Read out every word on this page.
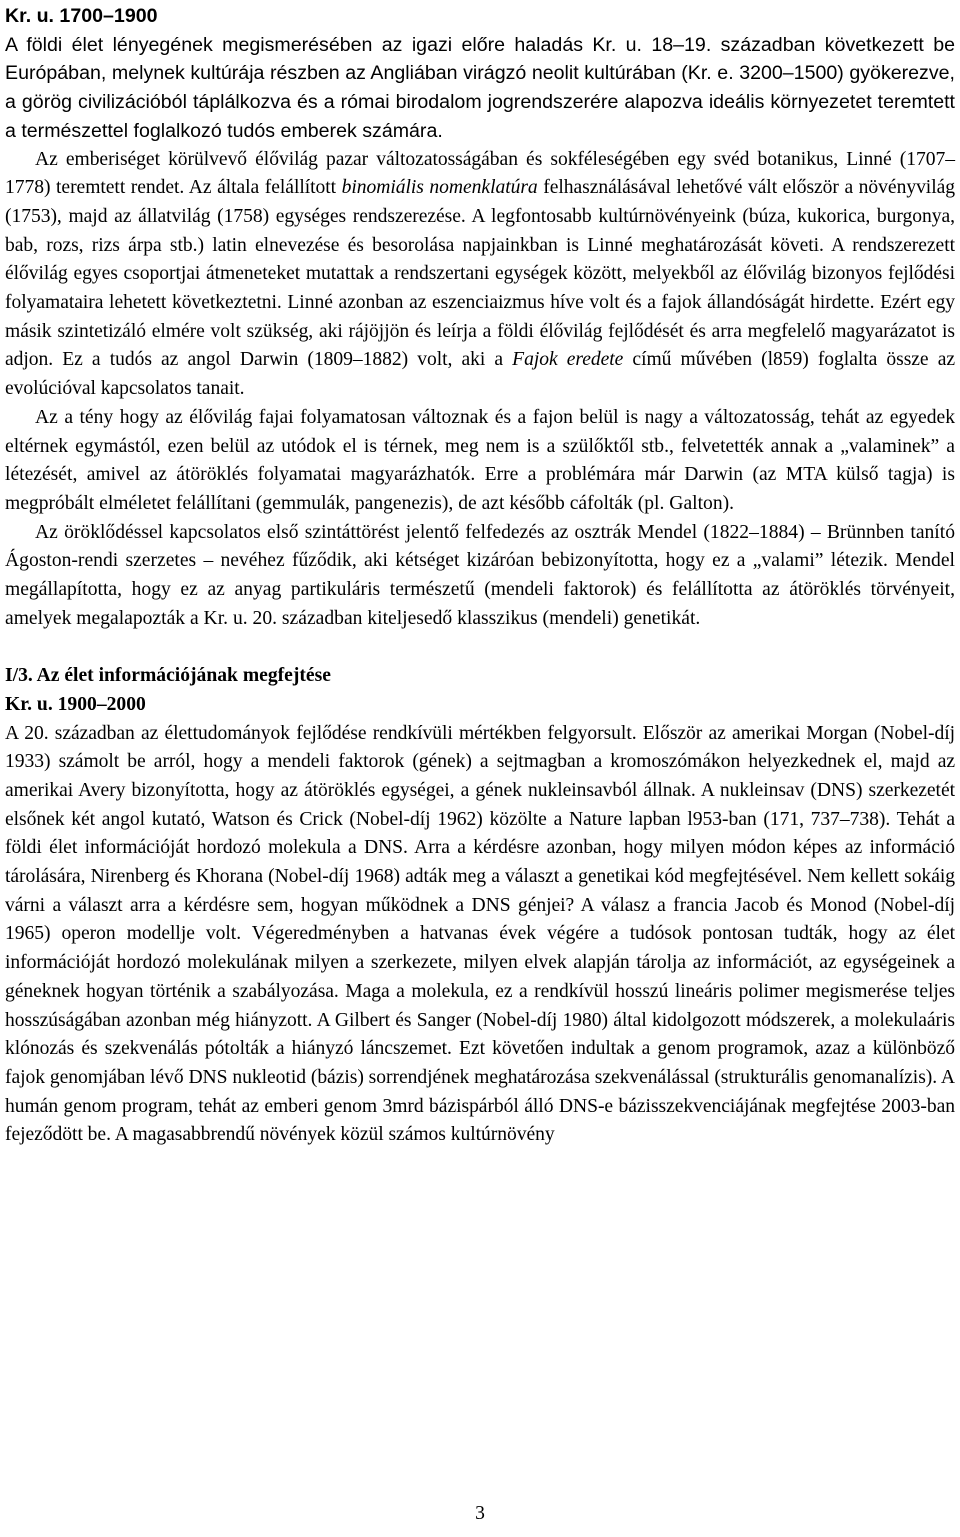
Kr. u. 1700–1900

A földi élet lényegének megismerésében az igazi előre haladás Kr. u. 18–19. században következett be Európában, melynek kultúrája részben az Angliában virágzó neolit kultúrában (Kr. e. 3200–1500) gyökerezve, a görög civilizációból táplálkozva és a római birodalom jogrendszerére alapozva ideális környezetet teremtett a természettel foglalkozó tudós emberek számára.

Az emberiséget körülvevő élővilág pazar változatosságában és sokféleségében egy svéd botanikus, Linné (1707–1778) teremtett rendet. Az általa felállított binomiális nomenklatúra felhasználásával lehetővé vált először a növényvilág (1753), majd az állatvilág (1758) egységes rendszerezése. A legfontosabb kultúrnövényeink (búza, kukorica, burgonya, bab, rozs, rizs árpa stb.) latin elnevezése és besorolása napjainkban is Linné meghatározását követi. A rendszerezett élővilág egyes csoportjai átmeneteket mutattak a rendszertani egységek között, melyekből az élővilág bizonyos fejlődési folyamataira lehetett következtetni. Linné azonban az eszenciaizmus híve volt és a fajok állandóságát hirdette. Ezért egy másik szintetizáló elmére volt szükség, aki rájöjjön és leírja a földi élővilág fejlődését és arra megfelelő magyarázatot is adjon. Ez a tudós az angol Darwin (1809–1882) volt, aki a Fajok eredete című művében (l859) foglalta össze az evolúcióval kapcsolatos tanait.

Az a tény hogy az élővilág fajai folyamatosan változnak és a fajon belül is nagy a változatosság, tehát az egyedek eltérnek egymástól, ezen belül az utódok el is térnek, meg nem is a szülőktől stb., felvetették annak a „valaminek” a létezését, amivel az átöröklés folyamatai magyarázhatók. Erre a problémára már Darwin (az MTA külső tagja) is megpróbált elméletet felállítani (gemmulák, pangenezis), de azt később cáfolták (pl. Galton).

Az öröklődéssel kapcsolatos első szintáttörést jelentő felfedezés az osztrák Mendel (1822–1884) – Brünnben tanító Ágoston-rendi szerzetes – nevéhez fűződik, aki kétséget kizáróan bebizonyította, hogy ez a „valami” létezik. Mendel megállapította, hogy ez az anyag partikuláris természetű (mendeli faktorok) és felállította az átöröklés törvényeit, amelyek megalapozták a Kr. u. 20. században kiteljesedő klasszikus (mendeli) genetikát.

I/3. Az élet információjának megfejtése
Kr. u. 1900–2000

A 20. században az élettudományok fejlődése rendkívüli mértékben felgyorsult. Először az amerikai Morgan (Nobel-díj 1933) számolt be arról, hogy a mendeli faktorok (gének) a sejtmagban a kromoszómákon helyezkednek el, majd az amerikai Avery bizonyította, hogy az átöröklés egységei, a gének nukleinsavból állnak. A nukleinsav (DNS) szerkezetét elsőnek két angol kutató, Watson és Crick (Nobel-díj 1962) közölte a Nature lapban l953-ban (171, 737–738). Tehát a földi élet információját hordozó molekula a DNS. Arra a kérdésre azonban, hogy milyen módon képes az információ tárolására, Nirenberg és Khorana (Nobel-díj 1968) adták meg a választ a genetikai kód megfejtésével. Nem kellett sokáig várni a választ arra a kérdésre sem, hogyan működnek a DNS génjei? A válasz a francia Jacob és Monod (Nobel-díj 1965) operon modellje volt. Végeredményben a hatvanas évek végére a tudósok pontosan tudták, hogy az élet információját hordozó molekulának milyen a szerkezete, milyen elvek alapján tárolja az információt, az egységeinek a géneknek hogyan történik a szabályozása. Maga a molekula, ez a rendkívül hosszú lineáris polimer megismerése teljes hosszúságában azonban még hiányzott. A Gilbert és Sanger (Nobel-díj 1980) által kidolgozott módszerek, a molekulaáris klónozás és szekvenálás pótolták a hiányzó láncszemet. Ezt követően indultak a genom programok, azaz a különböző fajok genomjában lévő DNS nukleotid (bázis) sorrendjének meghatározása szekvenálással (strukturális genomanalízis). A humán genom program, tehát az emberi genom 3mrd bázispárból álló DNS-e bázisszekvenciájának megfejtése 2003-ban fejeződött be. A magasabbrendű növények közül számos kultúrnövény

3
